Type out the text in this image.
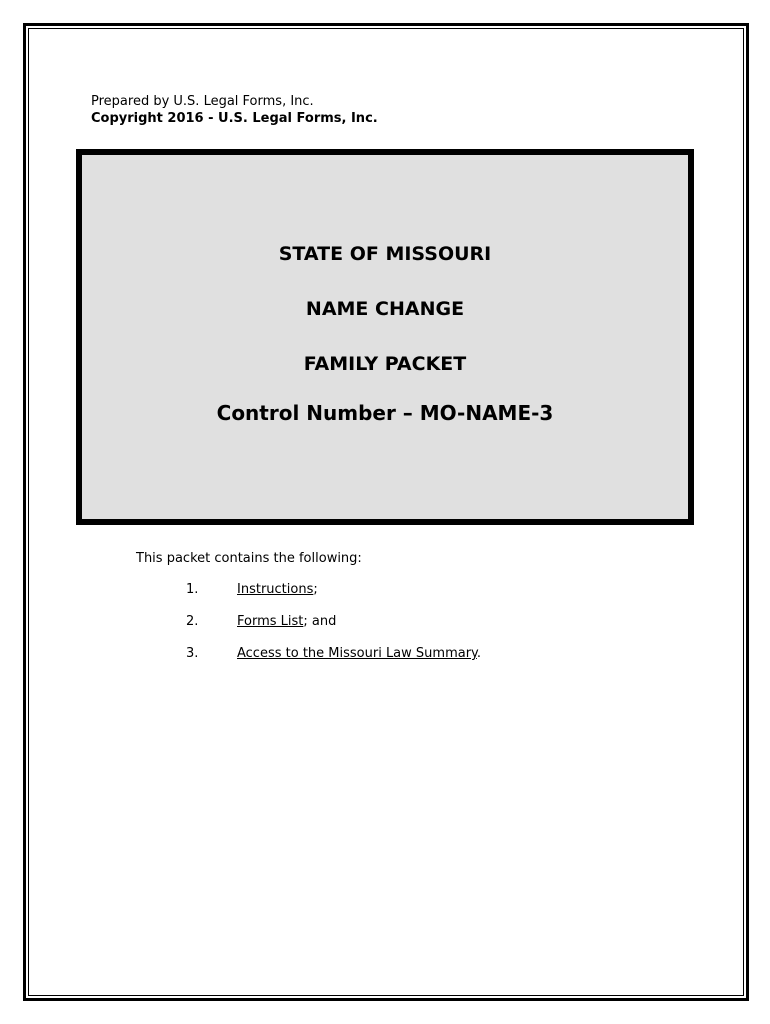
Prepared by U.S. Legal Forms, Inc.
Copyright 2016 - U.S. Legal Forms, Inc.
STATE OF MISSOURI
NAME CHANGE
FAMILY PACKET
Control Number – MO-NAME-3
This packet contains the following:
1.	Instructions;
2.	Forms List; and
3.	Access to the Missouri Law Summary.
